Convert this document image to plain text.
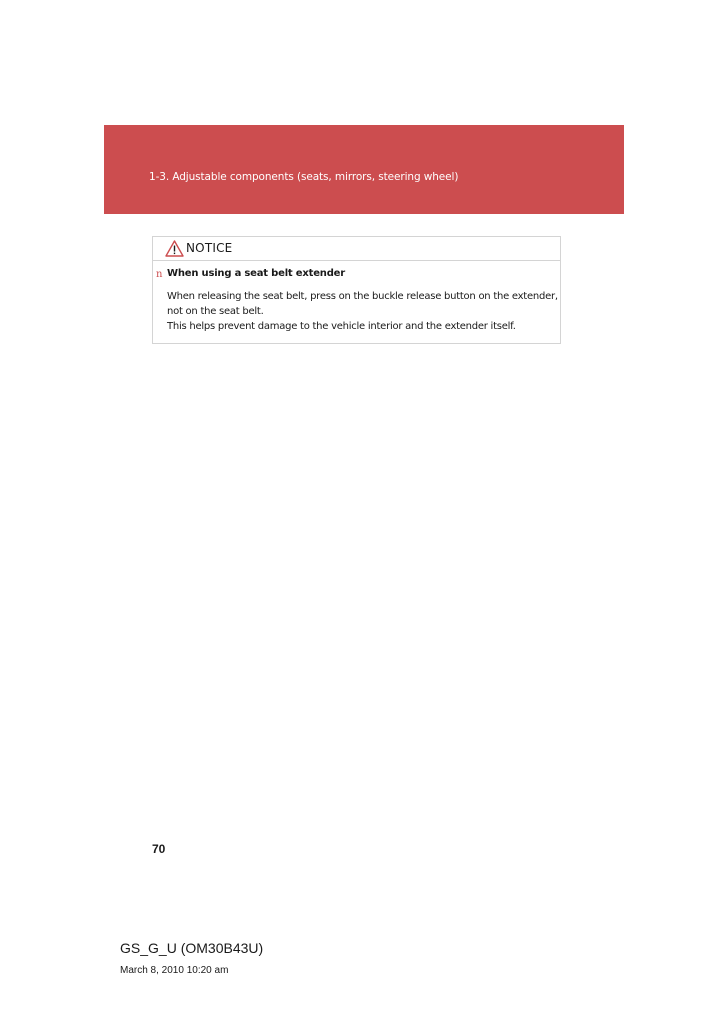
1-3. Adjustable components (seats, mirrors, steering wheel)
NOTICE
n When using a seat belt extender

When releasing the seat belt, press on the buckle release button on the extender,

not on the seat belt.

This helps prevent damage to the vehicle interior and the extender itself.

70
GS_G_U (OM30B43U)
March 8, 2010 10:20 am
